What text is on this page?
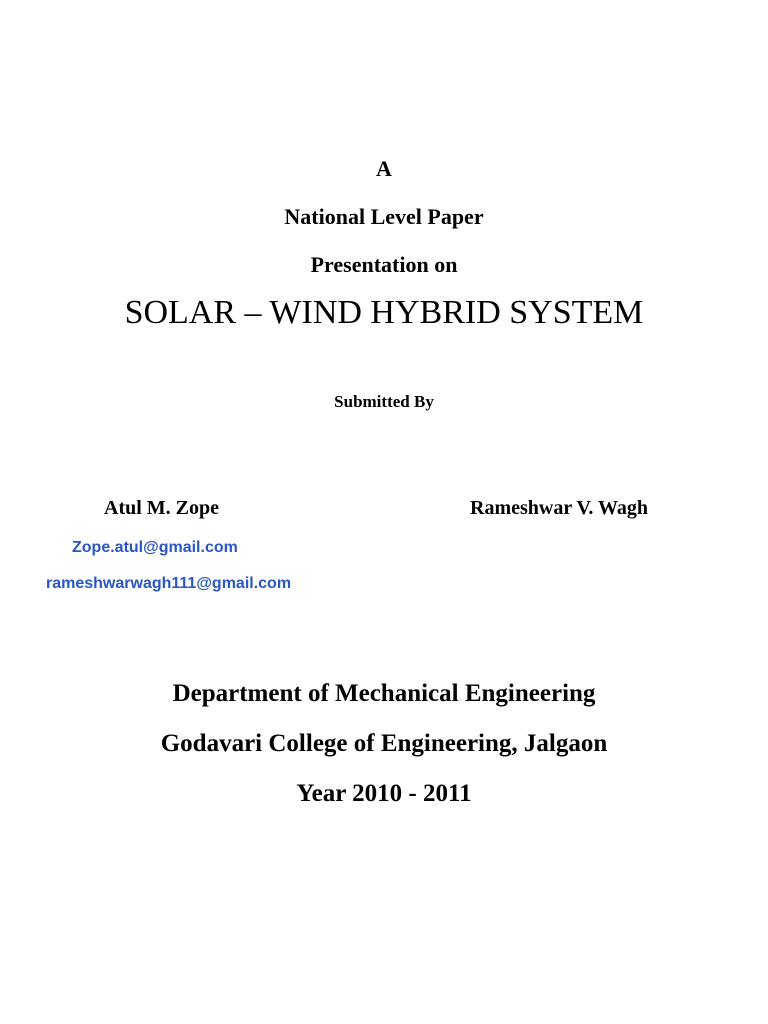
A
National Level Paper
Presentation on
SOLAR – WIND HYBRID SYSTEM
Submitted By
Atul M. Zope	Rameshwar V. Wagh
Zope.atul@gmail.com
rameshwarwagh111@gmail.com
Department of Mechanical Engineering
Godavari College of Engineering, Jalgaon
Year 2010 - 2011
